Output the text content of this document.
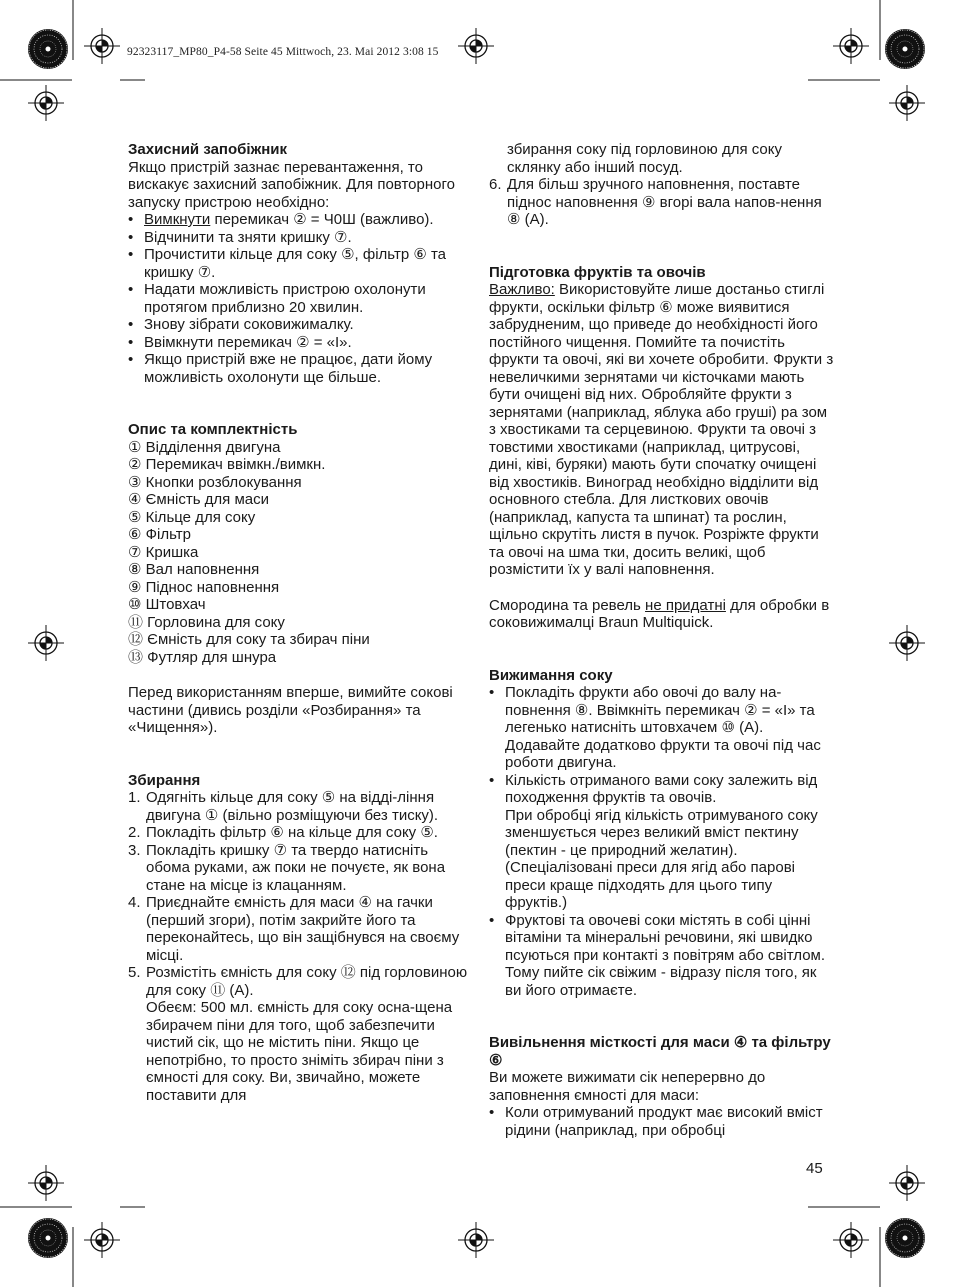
92323117_MP80_P4-58 Seite 45 Mittwoch, 23. Mai 2012 3:08 15

Захисний запобіжник

Якщо пристрій зазнає перевантаження, то вискакує захисний запобіжник. Для повторного запуску пристрою необхідно:

• Вимкнути перемикач ② = Ч0Ш (важливо).
• Відчинити та зняти кришку ⑦.
• Прочистити кільце для соку ⑤, фільтр ⑥ та кришку ⑦.
• Надати можливість пристрою охолонути протягом приблизно 20 хвилин.
• Знову зібрати соковижималку.
• Ввімкнути перемикач ② = «I».
• Якщо пристрій вже не працює, дати йому можливість охолонути ще більше.

Опис та комплектність

① Відділення двигуна

② Перемикач ввімкн./вимкн.

③ Кнопки розблокування

④ Ємність для маси

⑤ Кільце для соку

⑥ Фільтр

⑦ Кришка

⑧ Вал наповнення

⑨ Піднос наповнення

⑩ Штовхач

⑪ Горловина для соку

⑫ Ємність для соку та збирач піни

⑬ Футляр для шнура

Перед використанням вперше, вимийте сокові частини (дивись розділи «Розбирання» та «Чищення»).

Збирання

1. Одягніть кільце для соку ⑤ на відді-ління двигуна ① (вільно розміщуючи без тиску).
2. Покладіть фільтр ⑥ на кільце для соку ⑤.
3. Покладіть кришку ⑦ та твердо натисніть обома руками, аж поки не почуєте, як вона стане на місце із клацанням.
4. Приєднайте ємність для маси ④ на гачки (перший згори), потім закрийте його та переконайтесь, що він защібнувся на своєму місці.
5. Розмістіть ємність для соку ⑫ під горловиною для соку ⑪ (A).

Обеєм: 500 мл. ємність для соку осна-щена збирачем піни для того, щоб забезпечити чистий сік, що не містить піни. Якщо це непотрібно, то просто зніміть збирач піни з ємності для соку. Ви, звичайно, можете поставити для

збирання соку під горловиною для соку склянку або інший посуд.
6. Для більш зручного наповнення, поставте піднос наповнення ⑨ вгорі вала напов-нення ⑧ (A).

Підготовка фруктів та овочів

Важливо: Використовуйте лише достаньо стиглі фрукти, оскільки фільтр ⑥ може виявитися забрудненим, що приведе до необхідності його постійного чищення. Помийте та почистіть фрукти та овочі, які ви хочете обробити. Фрукти з невеличкими зернятами чи кісточками мають бути очищені від них. Обробляйте фрукти з зернятами (наприклад, яблука або груші) ра зом з хвостиками та серцевиною. Фрукти та овочі з товстими хвостиками (наприклад, цитрусові, дині, ківі, буряки) мають бути спочатку очищені від хвостиків. Виноград необхідно відділити від основного стебла. Для листкових овочів (наприклад, капуста та шпинат) та рослин, щільно скрутіть листя в пучок. Розріжте фрукти та овочі на шма тки, досить великі, щоб розмістити їх у валі наповнення.

Смородина та ревель не придатні для обробки в соковижималці Braun Multiquick.

Вижимання соку

• Покладіть фрукти або овочі до валу на-повнення ⑧. Ввімкніть перемикач ② = «I» та легенько натисніть штовхачем ⑩ (A). Додавайте додатково фрукти та овочі під час роботи двигуна.
• Кількість отриманого вами соку залежить від походження фруктів та овочів.

При обробці ягід кількість отримуваного соку зменшується через великий вміст пектину (пектин - це природний желатин). (Спеціалізовані преси для ягід або парові преси краще підходять для цього типу фруктів.)

• Фруктові та овочеві соки містять в собі цінні вітаміни та мінеральні речовини, які швидко псуються при контакті з повітрям або світлом. Тому пийте сік свіжим - відразу після того, як ви його отримаєте.

Вивільнення місткості для маси ④ та фільтру ⑥

Ви можете вижимати сік неперервно до заповнення ємності для маси:

• Коли отримуваний продукт має високий вміст рідини (наприклад, при обробці
45
